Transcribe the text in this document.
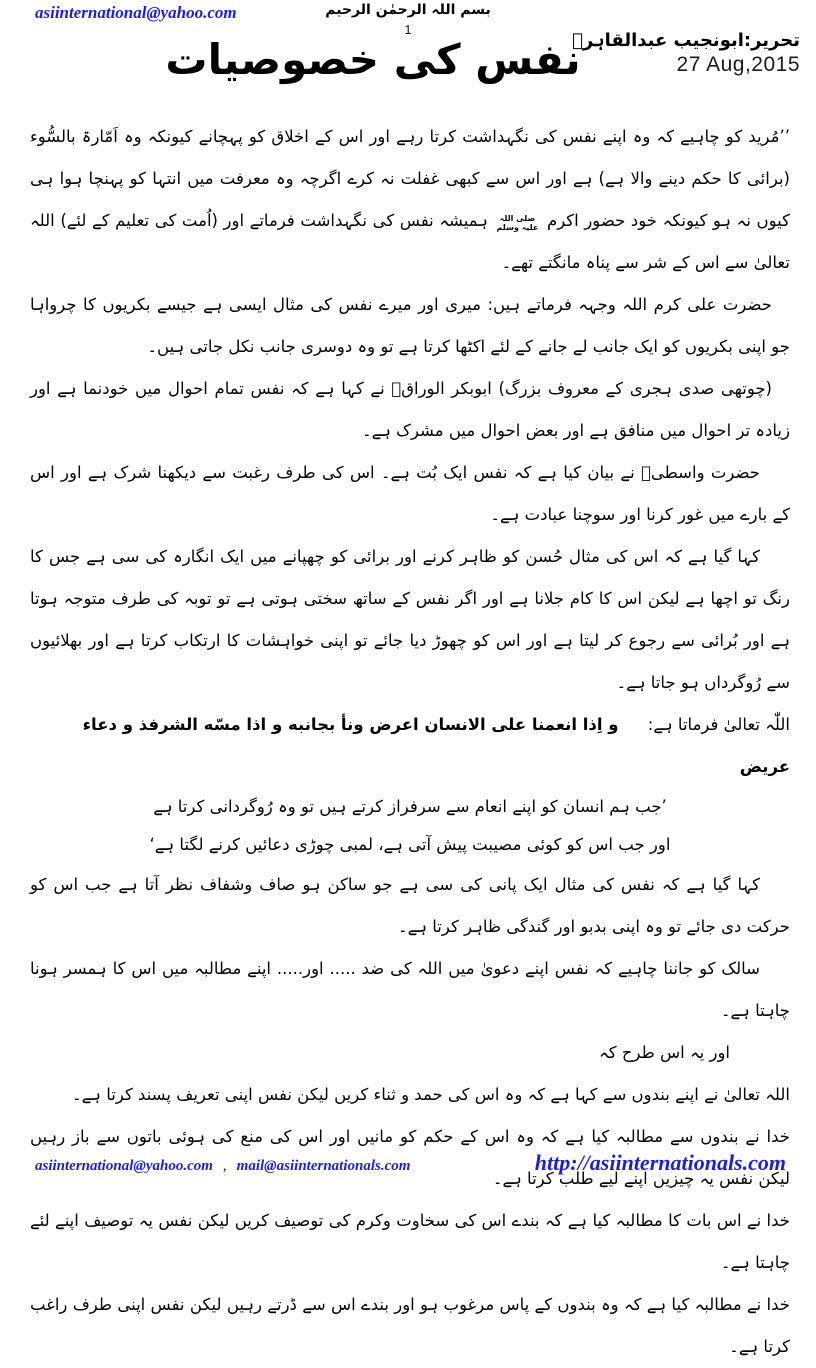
asiinternational@yahoo.com	بسم اللہ الرحمٰن الرحیم
1
تحریر:ابونجیب عبدالقاہرؒ
27 Aug,2015
نفس کی خصوصیات
’’مُرید کو چاہیے کہ وہ اپنے نفس کی نگہداشت کرتا رہے اور اس کے اخلاق کو پہچانے کیونکہ وہ اَمّارۃ بالسُّوء (برائی کا حکم دینے والا ہے) ہے اور اس سے کبھی غفلت نہ کرے اگرچہ وہ معرفت میں انتہا کو پہنچا ہوا ہی کیوں نہ ہو کیونکہ خود حضور اکرم صلی اللہ
علیہ وسلم ہمیشہ نفس کی نگہداشت فرماتے اور (اُمت کی تعلیم کے لئے) اللہ تعالیٰ سے اس کے شر سے پناہ مانگتے تھے۔
حضرت علی کرم اللہ وجہہ فرماتے ہیں: میری اور میرے نفس کی مثال ایسی ہے جیسے بکریوں کا چرواہا جو اپنی بکریوں کو ایک جانب لے جانے کے لئے اکٹھا کرتا ہے تو وہ دوسری جانب نکل جاتی ہیں۔
(چوتھی صدی ہجری کے معروف بزرگ) ابوبکر الوراقؒ نے کہا ہے کہ نفس تمام احوال میں خودنما ہے اور زیادہ تر احوال میں منافق ہے اور بعض احوال میں مشرک ہے۔
حضرت واسطیؒ نے بیان کیا ہے کہ نفس ایک بُت ہے۔ اس کی طرف رغبت سے دیکھنا شرک ہے اور اس کے بارے میں غور کرنا اور سوچنا عبادت ہے۔
کہا گیا ہے کہ اس کی مثال حُسن کو ظاہر کرنے اور برائی کو چھپانے میں ایک انگارہ کی سی ہے جس کا رنگ تو اچھا ہے لیکن اس کا کام جلانا ہے اور اگر نفس کے ساتھ سختی ہوتی ہے تو توبہ کی طرف متوجہ ہوتا ہے اور بُرائی سے رجوع کر لیتا ہے اور اس کو چھوڑ دیا جائے تو اپنی خواہشات کا ارتکاب کرتا ہے اور بھلائیوں سے رُوگرداں ہو جاتا ہے۔
اللّٰہ تعالیٰ فرماتا ہے: و اِذا انعمنا علی الانسان اعرض ونأ بجانبه و اذا مسّه الشرفذ و دعاء عریض
’جب ہم انسان کو اپنے انعام سے سرفراز کرتے ہیں تو وہ رُوگردانی کرتا ہے
اور جب اس کو کوئی مصیبت پیش آتی ہے، لمبی چوڑی دعائیں کرنے لگتا ہے‘
کہا گیا ہے کہ نفس کی مثال ایک پانی کی سی ہے جو ساکن ہو صاف وشفاف نظر آتا ہے جب اس کو حرکت دی جائے تو وہ اپنی بدبو اور گندگی ظاہر کرتا ہے۔
سالک کو جاننا چاہیے کہ نفس اپنے دعویٰ میں اللہ کی ضد ..... اور..... اپنے مطالبہ میں اس کا ہمسر ہونا چاہتا ہے۔
اور یہ اس طرح کہ
اللہ تعالیٰ نے اپنے بندوں سے کہا ہے کہ وہ اس کی حمد و ثناء کریں لیکن نفس اپنی تعریف پسند کرتا ہے۔
خدا نے بندوں سے مطالبہ کیا ہے کہ وہ اس کے حکم کو مانیں اور اس کی منع کی ہوئی باتوں سے باز رہیں لیکن نفس یہ چیزیں اپنے لیے طلب کرتا ہے۔
خدا نے اس بات کا مطالبہ کیا ہے کہ بندے اس کی سخاوت وکرم کی توصیف کریں لیکن نفس یہ توصیف اپنے لئے چاہتا ہے۔
خدا نے مطالبہ کیا ہے کہ وہ بندوں کے پاس مرغوب ہو اور بندے اس سے ڈرتے رہیں لیکن نفس اپنی طرف راغب کرتا ہے۔
asiinternational@yahoo.com , mail@asiinternationals.com	http://asiinternationals.com
